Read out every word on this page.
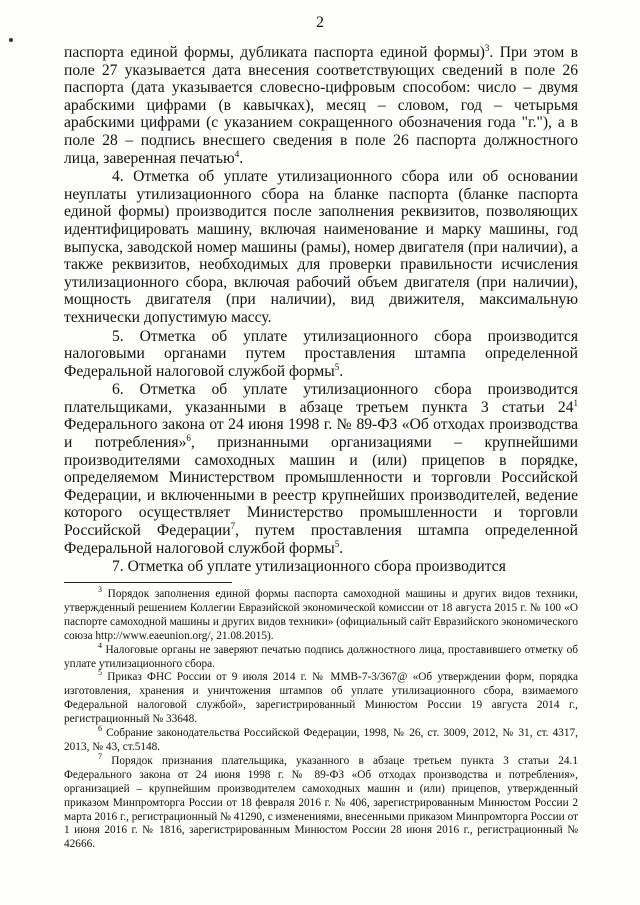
2

паспорта единой формы, дубликата паспорта единой формы)$^3$. При этом в поле 27 указывается дата внесения соответствующих сведений в поле 26 паспорта (дата указывается словесно-цифровым способом: число – двумя арабскими цифрами (в кавычках), месяц – словом, год – четырьмя арабскими цифрами (с указанием сокращенного обозначения года "г."), а в поле 28 – подпись внесшего сведения в поле 26 паспорта должностного лица, заверенная печатью$^4$.

4. Отметка об уплате утилизационного сбора или об основании неуплаты утилизационного сбора на бланке паспорта (бланке паспорта единой формы) производится после заполнения реквизитов, позволяющих идентифицировать машину, включая наименование и марку машины, год выпуска, заводской номер машины (рамы), номер двигателя (при наличии), а также реквизитов, необходимых для проверки правильности исчисления утилизационного сбора, включая рабочий объем двигателя (при наличии), мощность двигателя (при наличии), вид движителя, максимальную технически допустимую массу.

5. Отметка об уплате утилизационного сбора производится налоговыми органами путем проставления штампа определенной Федеральной налоговой службой формы$^5$.

6. Отметка об уплате утилизационного сбора производится плательщиками, указанными в абзаце третьем пункта 3 статьи $24^1$ Федерального закона от 24 июня 1998 г. № 89-ФЗ «Об отходах производства и потребления»$^6$, признанными организациями – крупнейшими производителями самоходных машин и (или) прицепов в порядке, определяемом Министерством промышленности и торговли Российской Федерации, и включенными в реестр крупнейших производителей, ведение которого осуществляет Министерство промышленности и торговли Российской Федерации$^7$, путем проставления штампа определенной Федеральной налоговой службой формы$^5$.

7. Отметка об уплате утилизационного сбора производится

$^3$ Порядок заполнения единой формы паспорта самоходной машины и других видов техники, утвержденный решением Коллегии Евразийской экономической комиссии от 18 августа 2015 г. № 100 «О паспорте самоходной машины и других видов техники» (официальный сайт Евразийского экономического союза http://www.eaeunion.org/, 21.08.2015).

$^4$ Налоговые органы не заверяют печатью подпись должностного лица, проставившего отметку об уплате утилизационного сбора.

$^5$ Приказ ФНС России от 9 июля 2014 г. № ММВ-7-3/367@ «Об утверждении форм, порядка изготовления, хранения и уничтожения штампов об уплате утилизационного сбора, взимаемого Федеральной налоговой службой», зарегистрированный Минюстом России 19 августа 2014 г., регистрационный № 33648.

$^6$ Собрание законодательства Российской Федерации, 1998, № 26, ст. 3009, 2012, № 31, ст. 4317, 2013, № 43, ст.5148.

$^7$ Порядок признания плательщика, указанного в абзаце третьем пункта 3 статьи 24.1 Федерального закона от 24 июня 1998 г. № 89-ФЗ «Об отходах производства и потребления», организацией – крупнейшим производителем самоходных машин и (или) прицепов, утвержденный приказом Минпромторга России от 18 февраля 2016 г. № 406, зарегистрированным Минюстом России 2 марта 2016 г., регистрационный № 41290, с изменениями, внесенными приказом Минпромторга России от 1 июня 2016 г. № 1816, зарегистрированным Минюстом России 28 июня 2016 г., регистрационный № 42666.
